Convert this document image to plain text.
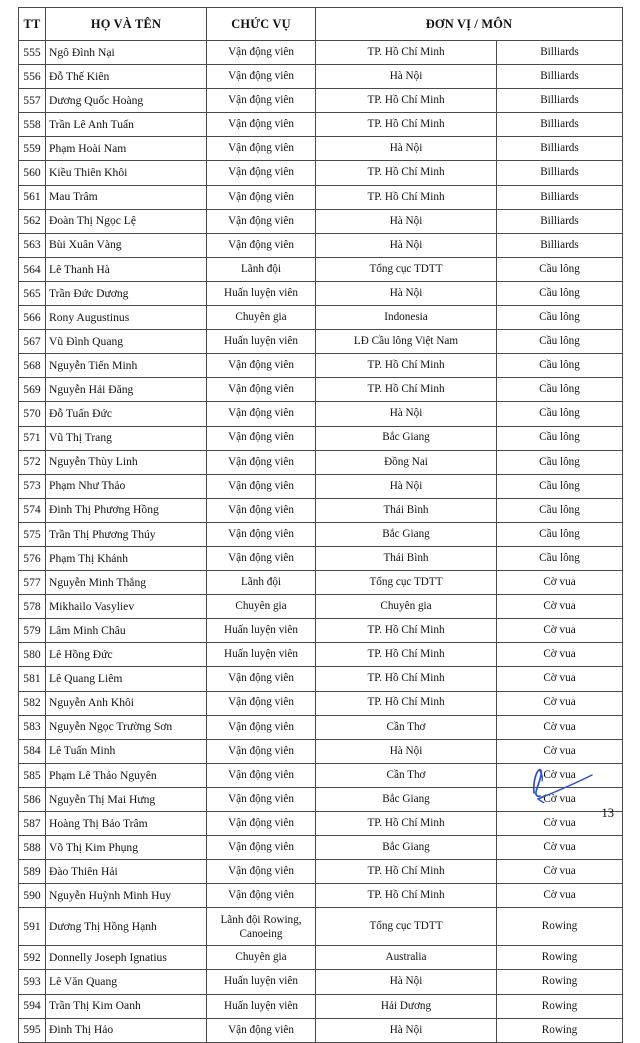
TT	HỌ VÀ TÊN	CHỨC VỤ	ĐƠN VỊ / MÔN	
555	Ngô Đình Nại	Vận động viên	TP. Hồ Chí Minh	Billiards
556	Đỗ Thế Kiên	Vận động viên	Hà Nội	Billiards
557	Dương Quốc Hoàng	Vận động viên	TP. Hồ Chí Minh	Billiards
558	Trần Lê Anh Tuấn	Vận động viên	TP. Hồ Chí Minh	Billiards
559	Phạm Hoài Nam	Vận động viên	Hà Nội	Billiards
560	Kiều Thiên Khôi	Vận động viên	TP. Hồ Chí Minh	Billiards
561	Mau Trâm	Vận động viên	TP. Hồ Chí Minh	Billiards
562	Đoàn Thị Ngọc Lệ	Vận động viên	Hà Nội	Billiards
563	Bùi Xuân Vàng	Vận động viên	Hà Nội	Billiards
564	Lê Thanh Hà	Lãnh đội	Tổng cục TDTT	Cầu lông
565	Trần Đức Dương	Huấn luyện viên	Hà Nội	Cầu lông
566	Rony Augustinus	Chuyên gia	Indonesia	Cầu lông
567	Vũ Đình Quang	Huấn luyện viên	LĐ Cầu lông Việt Nam	Cầu lông
568	Nguyễn Tiến Minh	Vận động viên	TP. Hồ Chí Minh	Cầu lông
569	Nguyễn Hải Đăng	Vận động viên	TP. Hồ Chí Minh	Cầu lông
570	Đỗ Tuấn Đức	Vận động viên	Hà Nội	Cầu lông
571	Vũ Thị Trang	Vận động viên	Bắc Giang	Cầu lông
572	Nguyễn Thùy Linh	Vận động viên	Đồng Nai	Cầu lông
573	Phạm Như Thảo	Vận động viên	Hà Nội	Cầu lông
574	Đinh Thị Phương Hồng	Vận động viên	Thái Bình	Cầu lông
575	Trần Thị Phương Thúy	Vận động viên	Bắc Giang	Cầu lông
576	Phạm Thị Khánh	Vận động viên	Thái Bình	Cầu lông
577	Nguyễn Minh Thắng	Lãnh đội	Tổng cục TDTT	Cờ vua
578	Mikhailo Vasyliev	Chuyên gia	Chuyên gia	Cờ vua
579	Lâm Minh Châu	Huấn luyện viên	TP. Hồ Chí Minh	Cờ vua
580	Lê Hồng Đức	Huấn luyện viên	TP. Hồ Chí Minh	Cờ vua
581	Lê Quang Liêm	Vận động viên	TP. Hồ Chí Minh	Cờ vua
582	Nguyễn Anh Khôi	Vận động viên	TP. Hồ Chí Minh	Cờ vua
583	Nguyễn Ngọc Trường Sơn	Vận động viên	Cần Thơ	Cờ vua
584	Lê Tuấn Minh	Vận động viên	Hà Nội	Cờ vua
585	Phạm Lê Thảo Nguyên	Vận động viên	Cần Thơ	Cờ vua
586	Nguyễn Thị Mai Hưng	Vận động viên	Bắc Giang	Cờ vua
587	Hoàng Thị Bảo Trâm	Vận động viên	TP. Hồ Chí Minh	Cờ vua
588	Võ Thị Kim Phụng	Vận động viên	Bắc Giang	Cờ vua
589	Đào Thiên Hải	Vận động viên	TP. Hồ Chí Minh	Cờ vua
590	Nguyễn Huỳnh Minh Huy	Vận động viên	TP. Hồ Chí Minh	Cờ vua
591	Dương Thị Hồng Hạnh	Lãnh đội Rowing, Canoeing	Tổng cục TDTT	Rowing
592	Donnelly Joseph Ignatius	Chuyên gia	Australia	Rowing
593	Lê Văn Quang	Huấn luyện viên	Hà Nội	Rowing
594	Trần Thị Kim Oanh	Huấn luyện viên	Hải Dương	Rowing
595	Đinh Thị Hảo	Vận động viên	Hà Nội	Rowing
13
